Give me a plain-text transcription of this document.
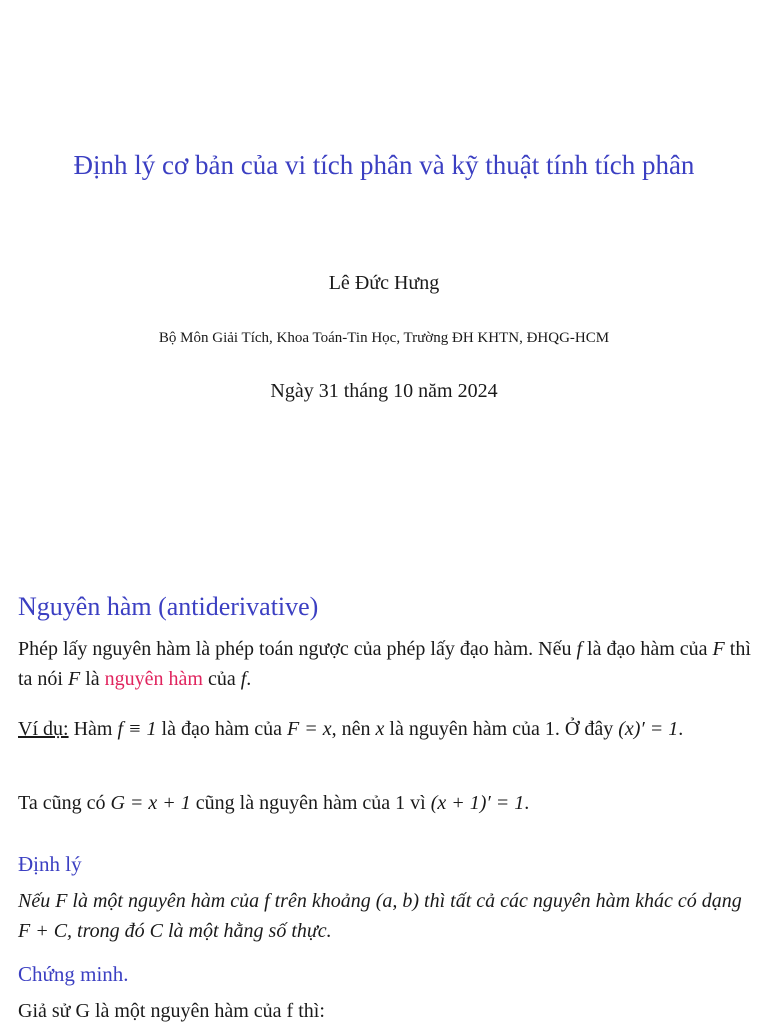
Định lý cơ bản của vi tích phân và kỹ thuật tính tích phân
Lê Đức Hưng
Bộ Môn Giải Tích, Khoa Toán-Tin Học, Trường ĐH KHTN, ĐHQG-HCM
Ngày 31 tháng 10 năm 2024
Nguyên hàm (antiderivative)
Phép lấy nguyên hàm là phép toán ngược của phép lấy đạo hàm. Nếu f là đạo hàm của F thì ta nói F là nguyên hàm của f.
Ví dụ: Hàm f ≡ 1 là đạo hàm của F = x, nên x là nguyên hàm của 1. Ở đây (x)′ = 1.
Ta cũng có G = x + 1 cũng là nguyên hàm của 1 vì (x + 1)′ = 1.
Định lý
Nếu F là một nguyên hàm của f trên khoảng (a, b) thì tất cả các nguyên hàm khác có dạng F + C, trong đó C là một hằng số thực.
Chứng minh.
Giả sử G là một nguyên hàm của f thì:
